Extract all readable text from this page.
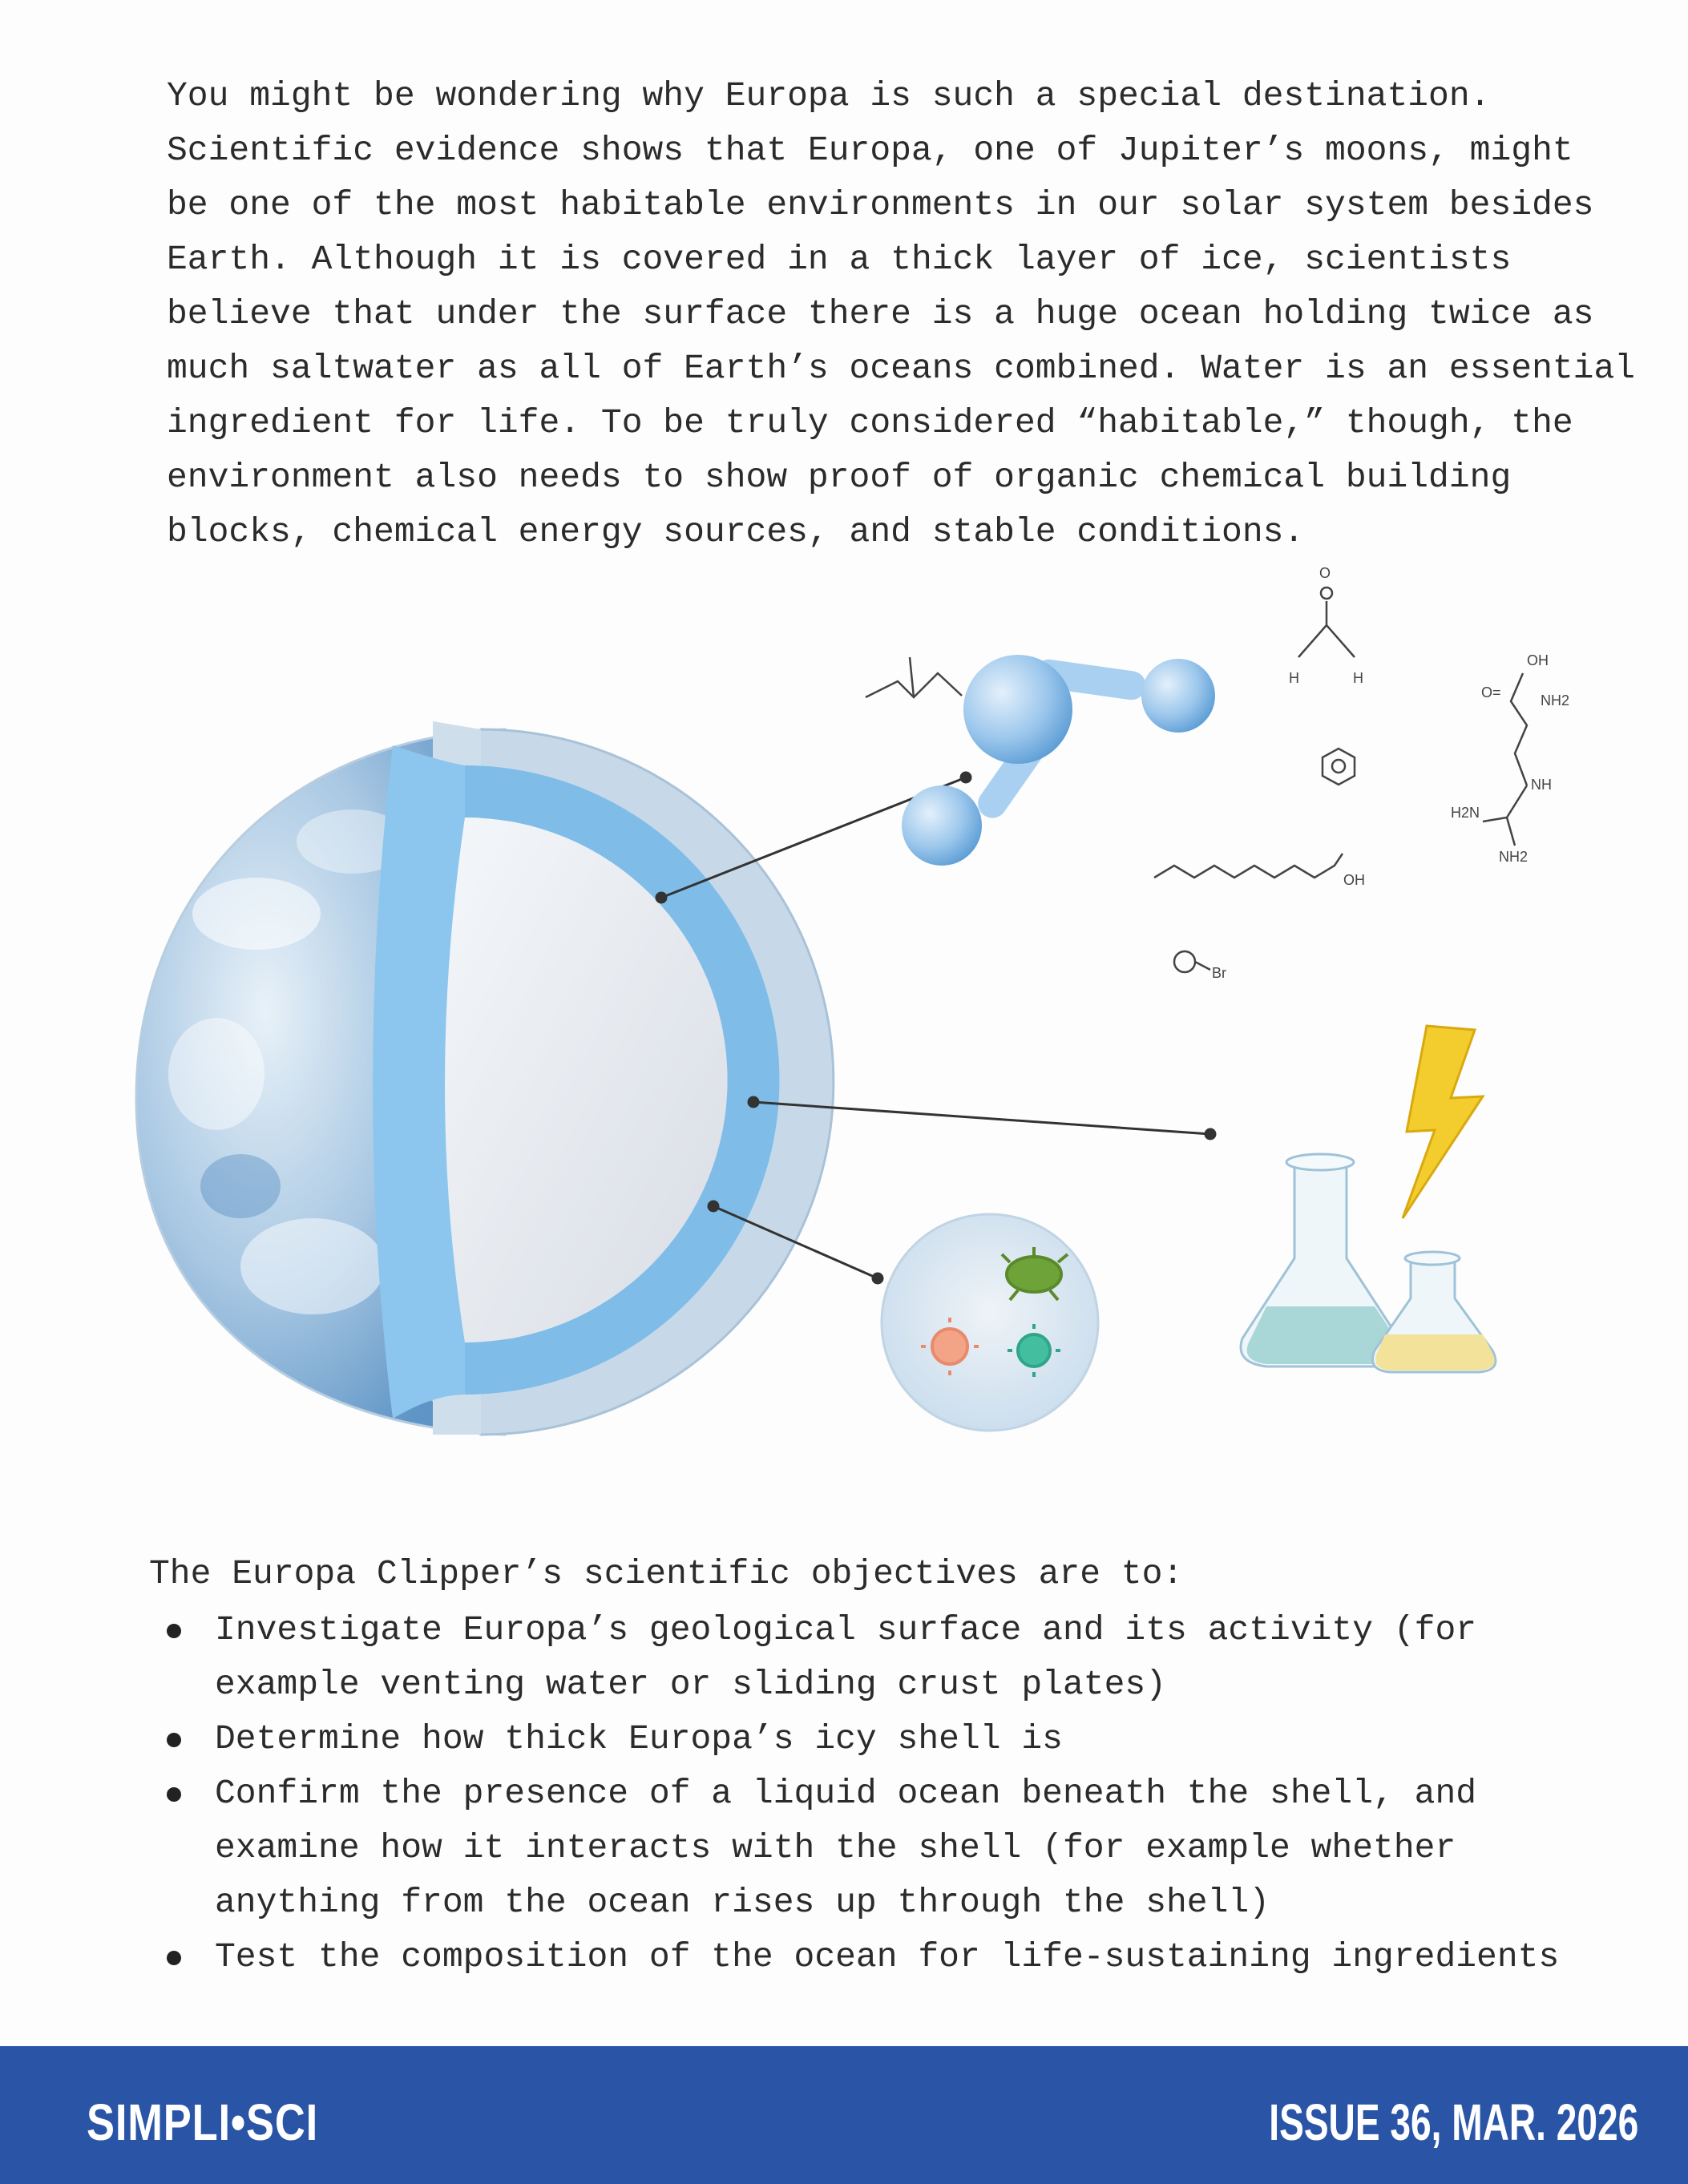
You might be wondering why Europa is such a special destination.
Scientific evidence shows that Europa, one of Jupiter’s moons, might
be one of the most habitable environments in our solar system besides
Earth. Although it is covered in a thick layer of ice, scientists
believe that under the surface there is a huge ocean holding twice as
much saltwater as all of Earth’s oceans combined. Water is an essential
ingredient for life. To be truly considered “habitable,” though, the
environment also needs to show proof of organic chemical building
blocks, chemical energy sources, and stable conditions.
O
H	H
OH
O=	NH2
NH
H2N
NH2
OH
Br

The Europa Clipper’s scientific objectives are to:

Investigate Europa’s geological surface and its activity (for
example venting water or sliding crust plates)
Determine how thick Europa’s icy shell is
Confirm the presence of a liquid ocean beneath the shell, and
examine how it interacts with the shell (for example whether
anything from the ocean rises up through the shell)
Test the composition of the ocean for life-sustaining ingredients
SIMPLI•SCI	ISSUE 36, MAR. 2026
